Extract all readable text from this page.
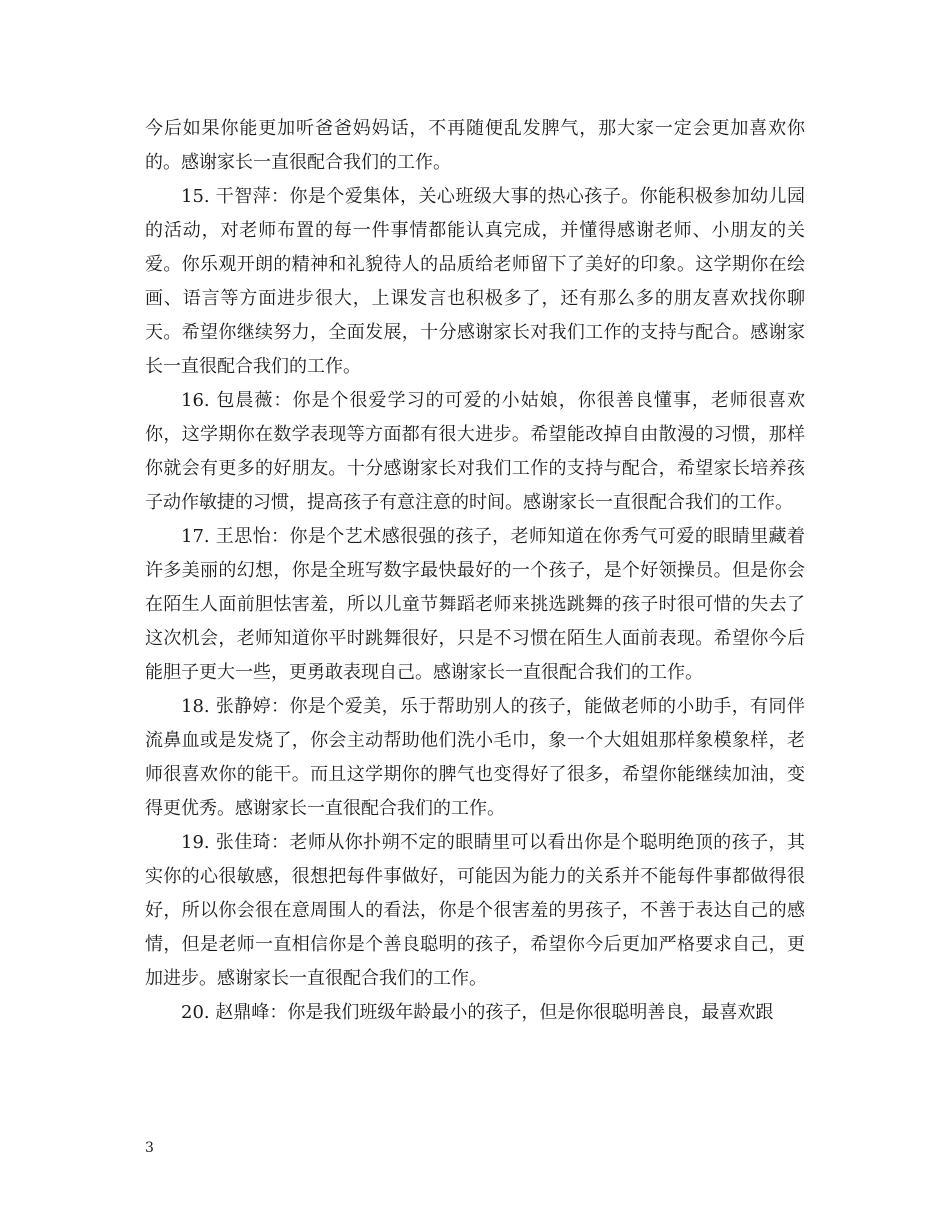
今后如果你能更加听爸爸妈妈话，不再随便乱发脾气，那大家一定会更加喜欢你的。感谢家长一直很配合我们的工作。

15. 干智萍：你是个爱集体，关心班级大事的热心孩子。你能积极参加幼儿园的活动，对老师布置的每一件事情都能认真完成，并懂得感谢老师、小朋友的关爱。你乐观开朗的精神和礼貌待人的品质给老师留下了美好的印象。这学期你在绘画、语言等方面进步很大，上课发言也积极多了，还有那么多的朋友喜欢找你聊天。希望你继续努力，全面发展，十分感谢家长对我们工作的支持与配合。感谢家长一直很配合我们的工作。

16. 包晨薇：你是个很爱学习的可爱的小姑娘，你很善良懂事，老师很喜欢你，这学期你在数学表现等方面都有很大进步。希望能改掉自由散漫的习惯，那样你就会有更多的好朋友。十分感谢家长对我们工作的支持与配合，希望家长培养孩子动作敏捷的习惯，提高孩子有意注意的时间。感谢家长一直很配合我们的工作。

17. 王思怡：你是个艺术感很强的孩子，老师知道在你秀气可爱的眼睛里藏着许多美丽的幻想，你是全班写数字最快最好的一个孩子，是个好领操员。但是你会在陌生人面前胆怯害羞，所以儿童节舞蹈老师来挑选跳舞的孩子时很可惜的失去了这次机会，老师知道你平时跳舞很好，只是不习惯在陌生人面前表现。希望你今后能胆子更大一些，更勇敢表现自己。感谢家长一直很配合我们的工作。

18. 张静婷：你是个爱美，乐于帮助别人的孩子，能做老师的小助手，有同伴流鼻血或是发烧了，你会主动帮助他们洗小毛巾，象一个大姐姐那样象模象样，老师很喜欢你的能干。而且这学期你的脾气也变得好了很多，希望你能继续加油，变得更优秀。感谢家长一直很配合我们的工作。

19. 张佳琦：老师从你扑朔不定的眼睛里可以看出你是个聪明绝顶的孩子，其实你的心很敏感，很想把每件事做好，可能因为能力的关系并不能每件事都做得很好，所以你会很在意周围人的看法，你是个很害羞的男孩子，不善于表达自己的感情，但是老师一直相信你是个善良聪明的孩子，希望你今后更加严格要求自己，更加进步。感谢家长一直很配合我们的工作。

20. 赵鼎峰：你是我们班级年龄最小的孩子，但是你很聪明善良，最喜欢跟

3
